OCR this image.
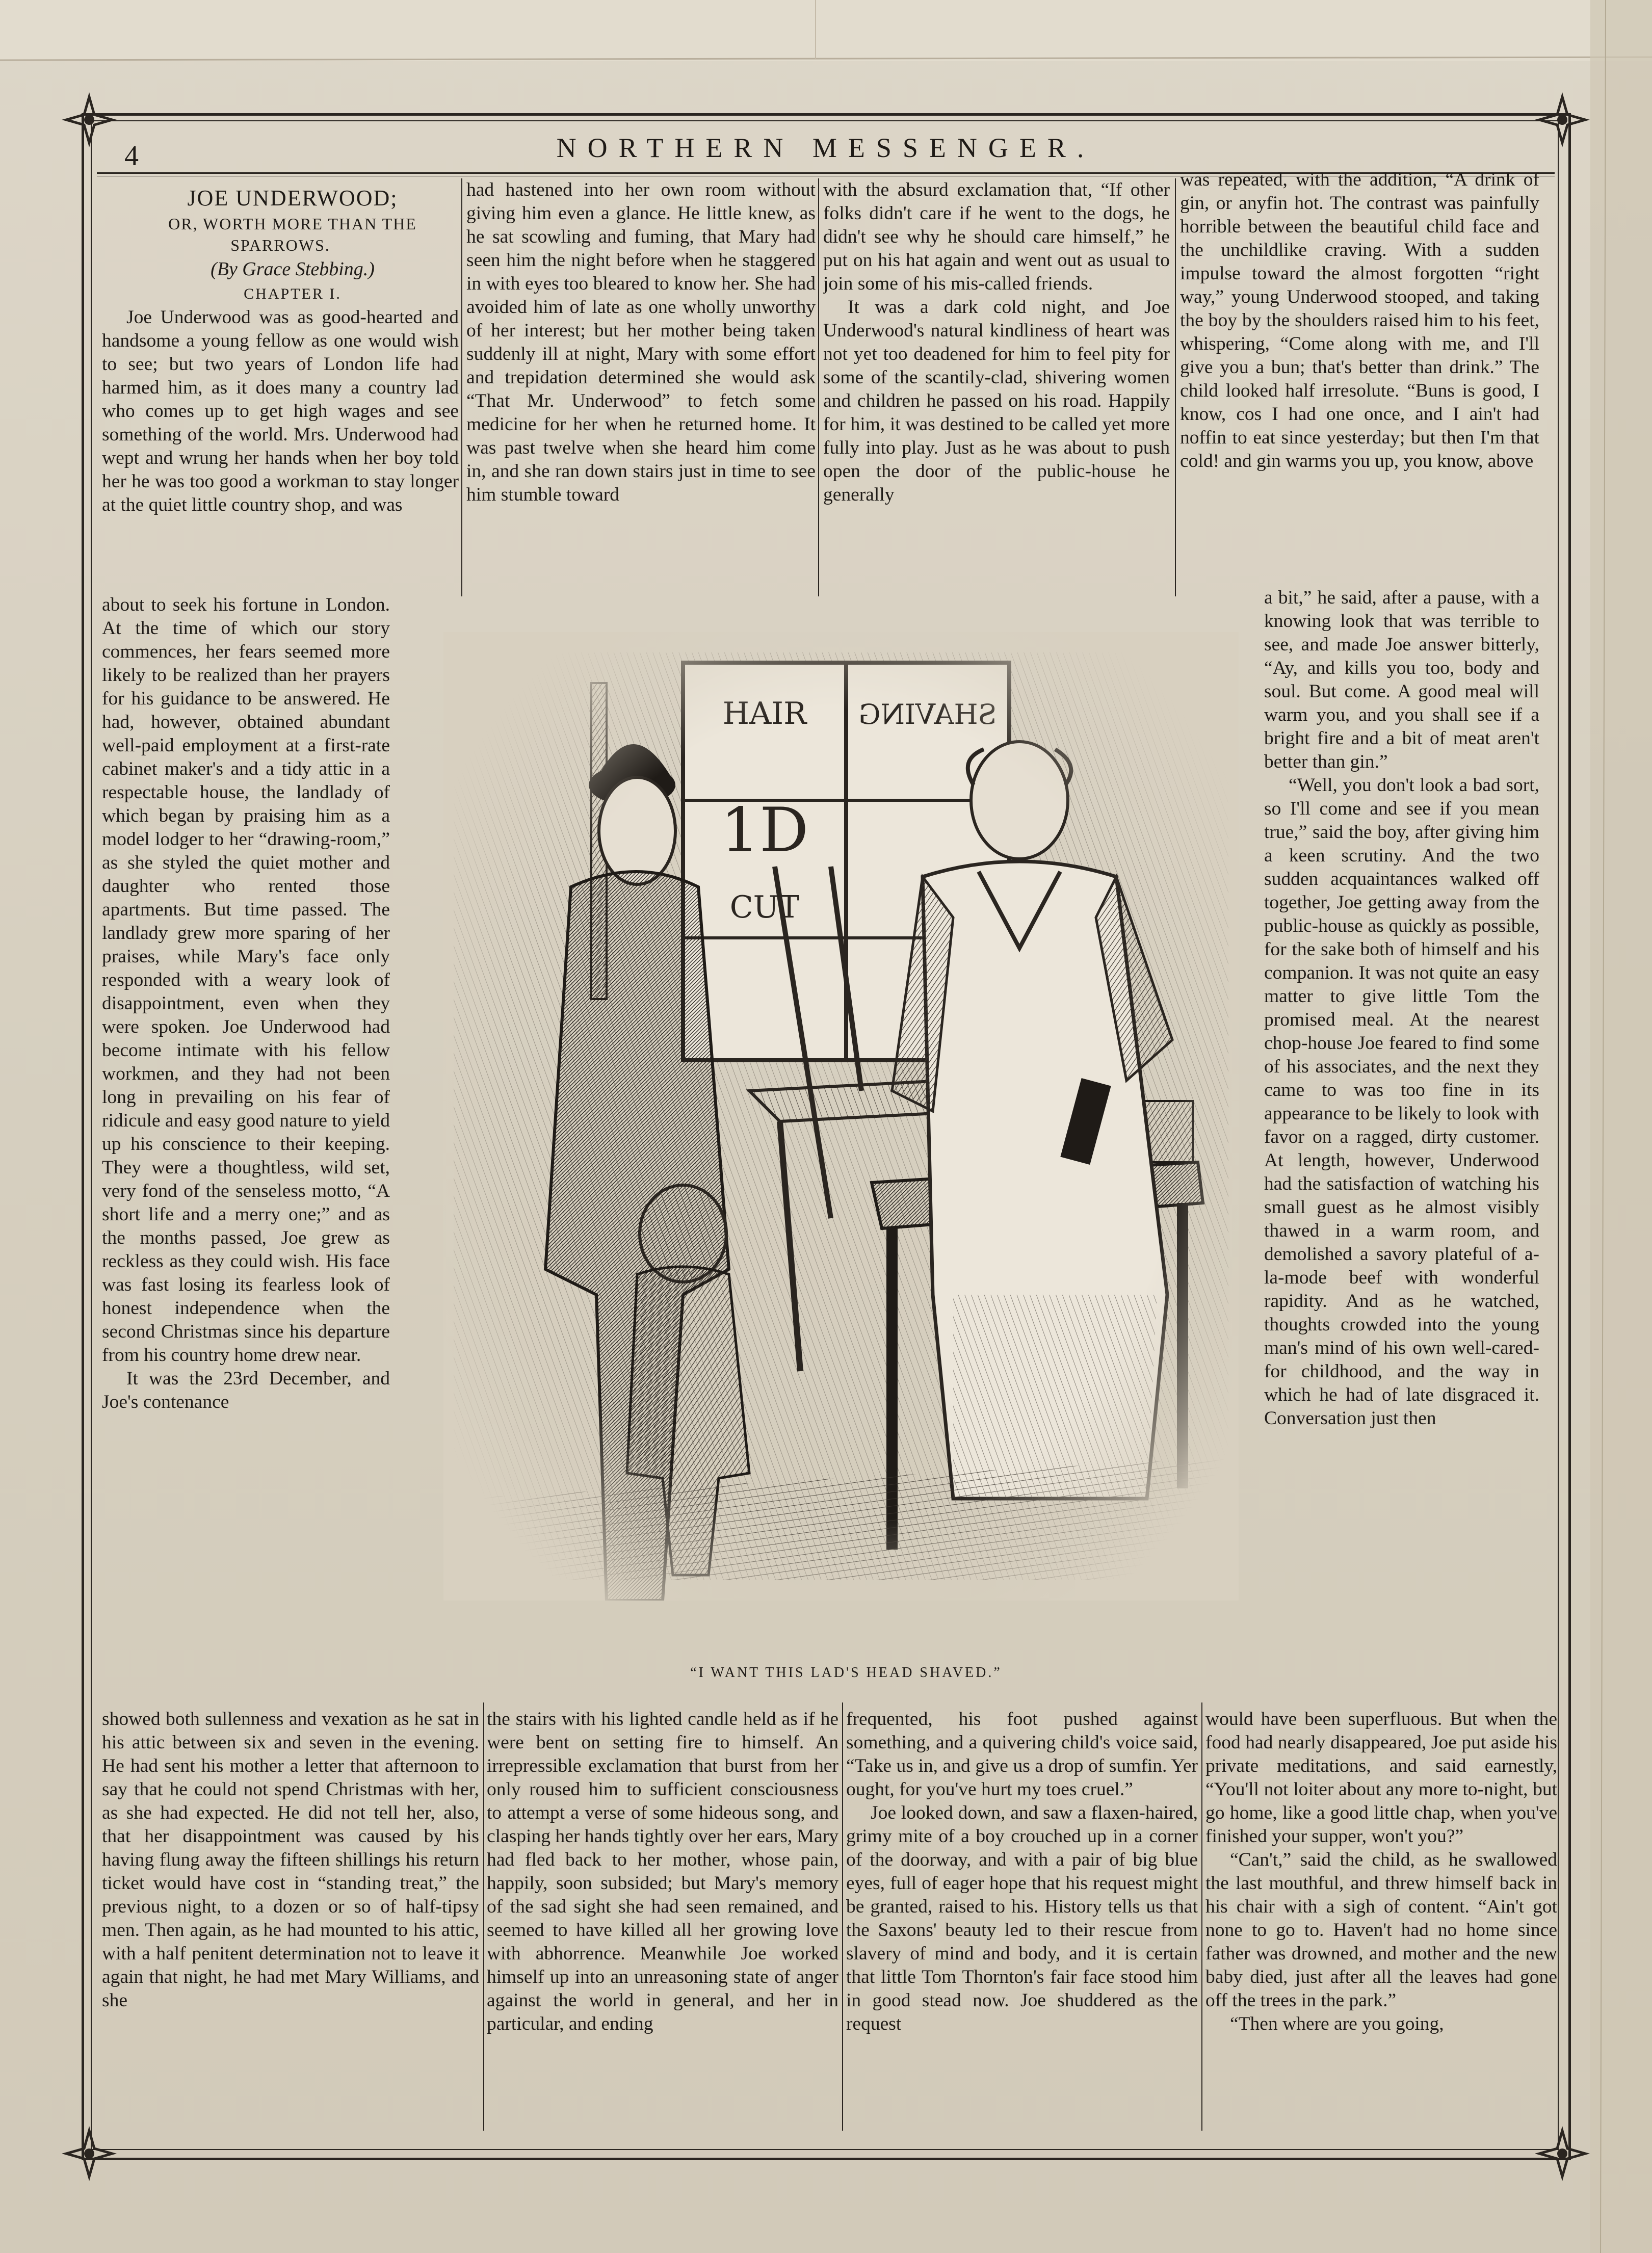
4	NORTHERN MESSENGER.

JOE UNDERWOOD;

OR, WORTH MORE THAN THE SPARROWS.

(By Grace Stebbing.)

CHAPTER I.

Joe Underwood was as good-hearted and handsome a young fellow as one would wish to see; but two years of London life had harmed him, as it does many a country lad who comes up to get high wages and see something of the world. Mrs. Underwood had wept and wrung her hands when her boy told her he was too good a workman to stay longer at the quiet little country shop, and was

about to seek his fortune in London. At the time of which our story commences, her fears seemed more likely to be realized than her prayers for his guidance to be answered. He had, however, obtained abundant well-paid employment at a first-rate cabinet maker's and a tidy attic in a respectable house, the landlady of which began by praising him as a model lodger to her “drawing-room,” as she styled the quiet mother and daughter who rented those apartments. But time passed. The landlady grew more sparing of her praises, while Mary's face only responded with a weary look of disappointment, even when they were spoken. Joe Underwood had become intimate with his fellow workmen, and they had not been long in prevailing on his fear of ridicule and easy good nature to yield up his conscience to their keeping. They were a thoughtless, wild set, very fond of the senseless motto, “A short life and a merry one;” and as the months passed, Joe grew as reckless as they could wish. His face was fast losing its fearless look of honest independence when the second Christmas since his departure from his country home drew near.

It was the 23rd December, and Joe's contenance

showed both sullenness and vexation as he sat in his attic between six and seven in the evening. He had sent his mother a letter that afternoon to say that he could not spend Christmas with her, as she had expected. He did not tell her, also, that her disappointment was caused by his having flung away the fifteen shillings his return ticket would have cost in “standing treat,” the previous night, to a dozen or so of half-tipsy men. Then again, as he had mounted to his attic, with a half penitent determination not to leave it again that night, he had met Mary Williams, and she

had hastened into her own room without giving him even a glance. He little knew, as he sat scowling and fuming, that Mary had seen him the night before when he staggered in with eyes too bleared to know her. She had avoided him of late as one wholly unworthy of her interest; but her mother being taken suddenly ill at night, Mary with some effort and trepidation determined she would ask “That Mr. Underwood” to fetch some medicine for her when he returned home. It was past twelve when she heard him come in, and she ran down stairs just in time to see him stumble toward

the stairs with his lighted candle held as if he were bent on setting fire to himself. An irrepressible exclamation that burst from her only roused him to sufficient consciousness to attempt a verse of some hideous song, and clasping her hands tightly over her ears, Mary had fled back to her mother, whose pain, happily, soon subsided; but Mary's memory of the sad sight she had seen remained, and seemed to have killed all her growing love with abhorrence. Meanwhile Joe worked himself up into an unreasoning state of anger against the world in general, and her in particular, and ending

with the absurd exclamation that, “If other folks didn't care if he went to the dogs, he didn't see why he should care himself,” he put on his hat again and went out as usual to join some of his mis-called friends.

It was a dark cold night, and Joe Underwood's natural kindliness of heart was not yet too deadened for him to feel pity for some of the scantily-clad, shivering women and children he passed on his road. Happily for him, it was destined to be called yet more fully into play. Just as he was about to push open the door of the public-house he generally

frequented, his foot pushed against something, and a quivering child's voice said, “Take us in, and give us a drop of sumfin. Yer ought, for you've hurt my toes cruel.”

Joe looked down, and saw a flaxen-haired, grimy mite of a boy crouched up in a corner of the doorway, and with a pair of big blue eyes, full of eager hope that his request might be granted, raised to his. History tells us that the Saxons' beauty led to their rescue from slavery of mind and body, and it is certain that little Tom Thornton's fair face stood him in good stead now. Joe shuddered as the request

was repeated, with the addition, “A drink of gin, or anyfin hot. The contrast was painfully horrible between the beautiful child face and the unchildlike craving. With a sudden impulse toward the almost forgotten “right way,” young Underwood stooped, and taking the boy by the shoulders raised him to his feet, whispering, “Come along with me, and I'll give you a bun; that's better than drink.” The child looked half irresolute. “Buns is good, I know, cos I had one once, and I ain't had noffin to eat since yesterday; but then I'm that cold! and gin warms you up, you know, above

a bit,” he said, after a pause, with a knowing look that was terrible to see, and made Joe answer bitterly, “Ay, and kills you too, body and soul. But come. A good meal will warm you, and you shall see if a bright fire and a bit of meat aren't better than gin.”

“Well, you don't look a bad sort, so I'll come and see if you mean true,” said the boy, after giving him a keen scrutiny. And the two sudden acquaintances walked off together, Joe getting away from the public-house as quickly as possible, for the sake both of himself and his companion. It was not quite an easy matter to give little Tom the promised meal. At the nearest chop-house Joe feared to find some of his associates, and the next they came to was too fine in its appearance to be likely to look with favor on a ragged, dirty customer. At length, however, Underwood had the satisfaction of watching his small guest as he almost visibly thawed in a warm room, and demolished a savory plateful of a-la-mode beef with wonderful rapidity. And as he watched, thoughts crowded into the young man's mind of his own well-cared-for childhood, and the way in which he had of late disgraced it. Conversation just then

would have been superfluous. But when the food had nearly disappeared, Joe put aside his private meditations, and said earnestly, “You'll not loiter about any more to-night, but go home, like a good little chap, when you've finished your supper, won't you?”

“Can't,” said the child, as he swallowed the last mouthful, and threw himself back in his chair with a sigh of content. “Ain't got none to go to. Haven't had no home since father was drowned, and mother and the new baby died, just after all the leaves had gone off the trees in the park.”

“Then where are you going,

“I WANT THIS LAD'S HEAD SHAVED.”
